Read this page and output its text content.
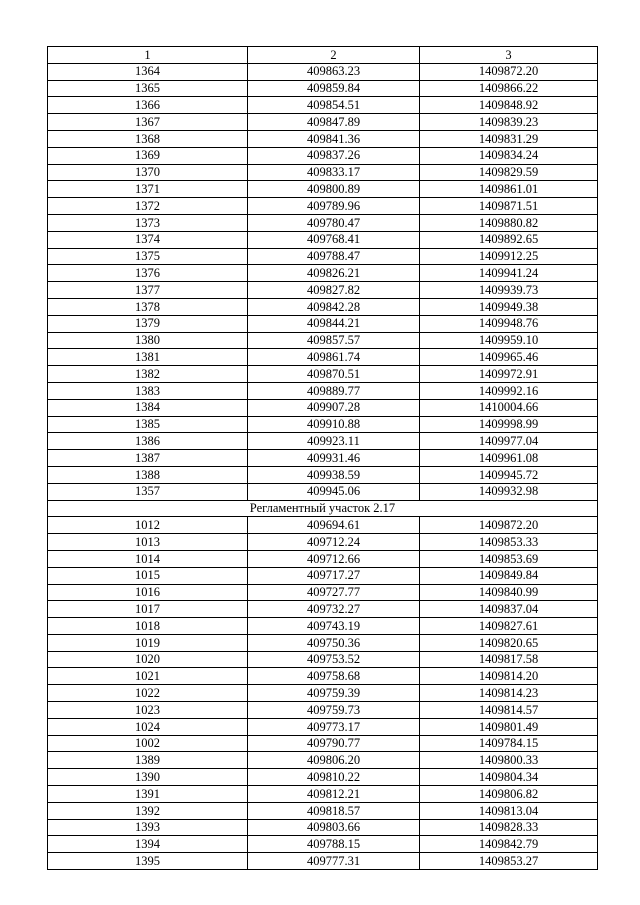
1	2	3
1364	409863.23	1409872.20
1365	409859.84	1409866.22
1366	409854.51	1409848.92
1367	409847.89	1409839.23
1368	409841.36	1409831.29
1369	409837.26	1409834.24
1370	409833.17	1409829.59
1371	409800.89	1409861.01
1372	409789.96	1409871.51
1373	409780.47	1409880.82
1374	409768.41	1409892.65
1375	409788.47	1409912.25
1376	409826.21	1409941.24
1377	409827.82	1409939.73
1378	409842.28	1409949.38
1379	409844.21	1409948.76
1380	409857.57	1409959.10
1381	409861.74	1409965.46
1382	409870.51	1409972.91
1383	409889.77	1409992.16
1384	409907.28	1410004.66
1385	409910.88	1409998.99
1386	409923.11	1409977.04
1387	409931.46	1409961.08
1388	409938.59	1409945.72
1357	409945.06	1409932.98
Регламентный участок 2.17		
1012	409694.61	1409872.20
1013	409712.24	1409853.33
1014	409712.66	1409853.69
1015	409717.27	1409849.84
1016	409727.77	1409840.99
1017	409732.27	1409837.04
1018	409743.19	1409827.61
1019	409750.36	1409820.65
1020	409753.52	1409817.58
1021	409758.68	1409814.20
1022	409759.39	1409814.23
1023	409759.73	1409814.57
1024	409773.17	1409801.49
1002	409790.77	1409784.15
1389	409806.20	1409800.33
1390	409810.22	1409804.34
1391	409812.21	1409806.82
1392	409818.57	1409813.04
1393	409803.66	1409828.33
1394	409788.15	1409842.79
1395	409777.31	1409853.27
